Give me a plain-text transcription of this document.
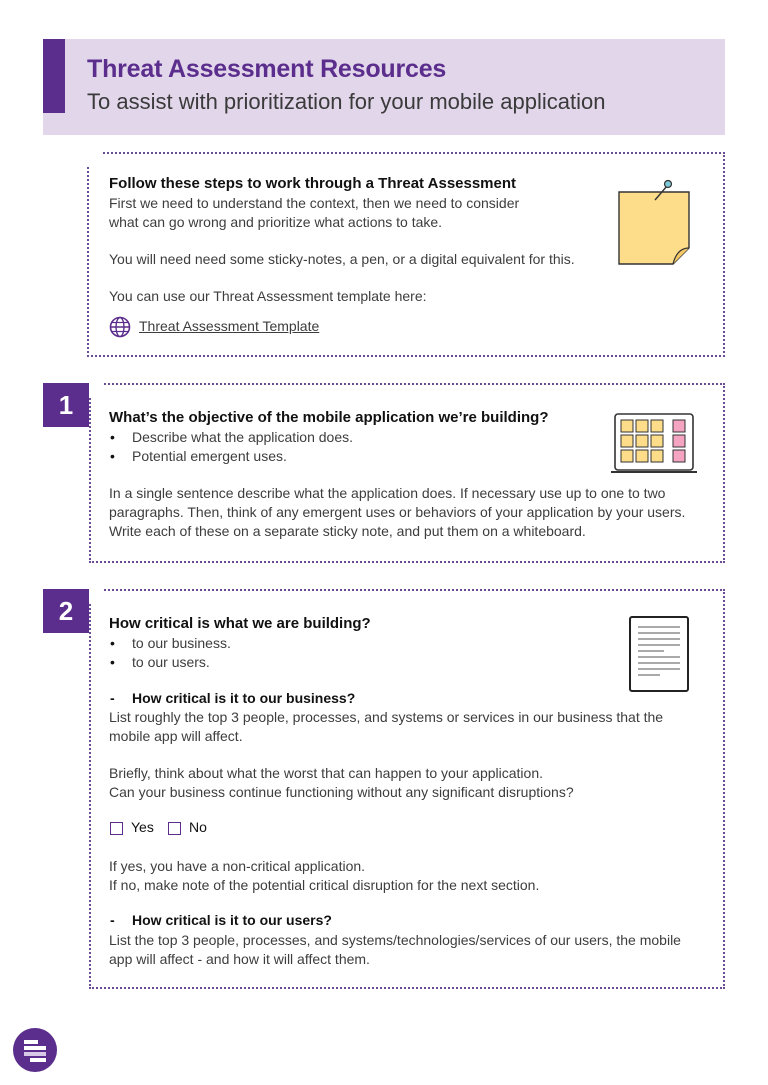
Threat Assessment Resources
To assist with prioritization for your mobile application
Follow these steps to work through a Threat Assessment
First we need to understand the context, then we need to consider
what can go wrong and prioritize what actions to take.
You will need need some sticky-notes, a pen, or a digital equivalent for this.
You can use our Threat Assessment template here:
Threat Assessment Template
1	What’s the objective of the mobile application we’re building?
• Describe what the application does.
• Potential emergent uses.
In a single sentence describe what the application does. If necessary use up to one to two
paragraphs. Then, think of any emergent uses or behaviors of your application by your users.
Write each of these on a separate sticky note, and put them on a whiteboard.
2	How critical is what we are building?
• to our business.
• to our users.
- How critical is it to our business?
List roughly the top 3 people, processes, and systems or services in our business that the
mobile app will affect.
Briefly, think about what the worst that can happen to your application.
Can your business continue functioning without any significant disruptions?
Yes	No
If yes, you have a non-critical application.
If no, make note of the potential critical disruption for the next section.
- How critical is it to our users?
List the top 3 people, processes, and systems/technologies/services of our users, the mobile
app will affect - and how it will affect them.
